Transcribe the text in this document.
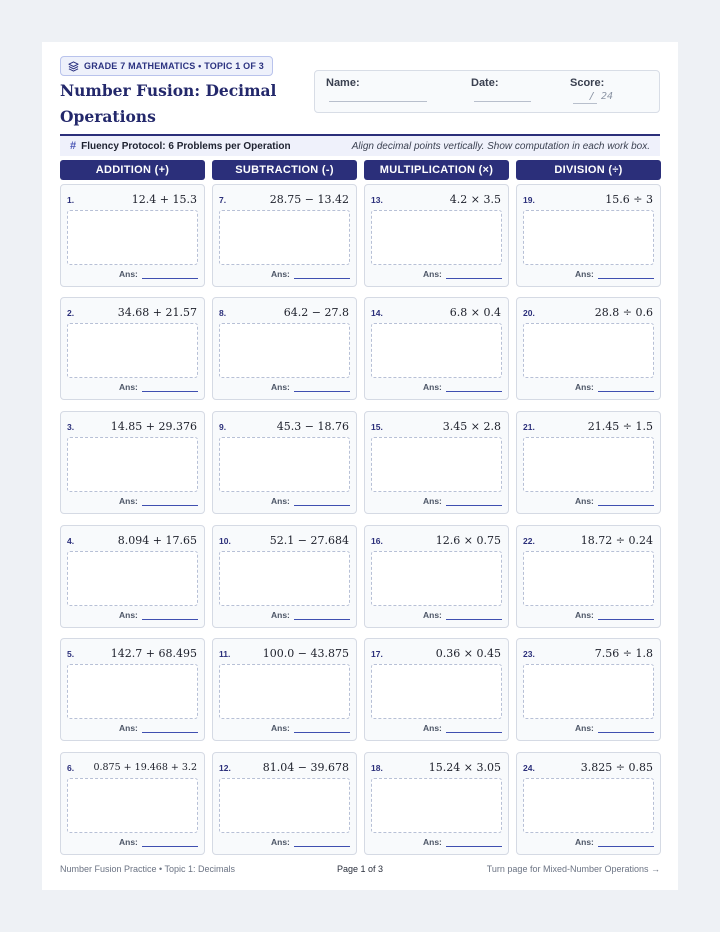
GRADE 7 MATHEMATICS • TOPIC 1 OF 3
Number Fusion: Decimal Operations
Name:	Date:	Score:
/ 24
# Fluency Protocol: 6 Problems per Operation	Align decimal points vertically. Show computation in each work box.
ADDITION (+)
1.	12.4 + 15.3
Ans:
2.	34.68 + 21.57
Ans:
3.	14.85 + 29.376
Ans:
4.	8.094 + 17.65
Ans:
5.	142.7 + 68.495
Ans:
6. 0.875 + 19.468 + 3.2
Ans:
SUBTRACTION (-)
7.	28.75 − 13.42
Ans:
8.	64.2 − 27.8
Ans:
9.	45.3 − 18.76
Ans:
10.	52.1 − 27.684
Ans:
11.	100.0 − 43.875
Ans:
12.	81.04 − 39.678
Ans:
MULTIPLICATION (×)
13.	4.2 × 3.5
Ans:
14.	6.8 × 0.4
Ans:
15.	3.45 × 2.8
Ans:
16.	12.6 × 0.75
Ans:
17.	0.36 × 0.45
Ans:
18.	15.24 × 3.05
Ans:
DIVISION (÷)
19.	15.6 ÷ 3
Ans:
20.	28.8 ÷ 0.6
Ans:
21.	21.45 ÷ 1.5
Ans:
22.	18.72 ÷ 0.24
Ans:
23.	7.56 ÷ 1.8
Ans:
24.	3.825 ÷ 0.85
Ans:
Number Fusion Practice • Topic 1: Decimals	Page 1 of 3	Turn page for Mixed-Number Operations →
